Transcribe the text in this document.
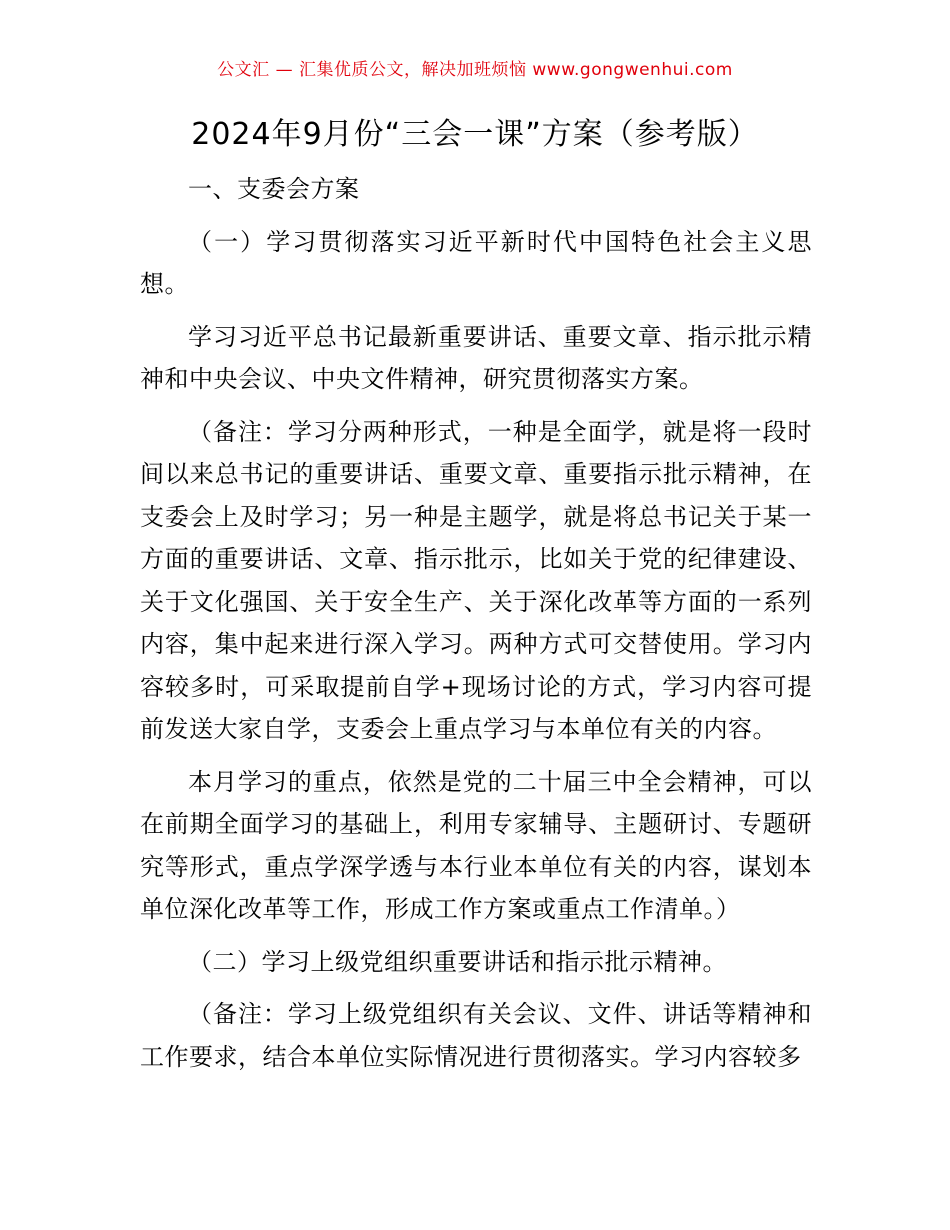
公文汇 — 汇集优质公文，解决加班烦恼 www.gongwenhui.com
2024年9月份“三会一课”方案（参考版）

一、支委会方案

（一）学习贯彻落实习近平新时代中国特色社会主义思想。

学习习近平总书记最新重要讲话、重要文章、指示批示精神和中央会议、中央文件精神，研究贯彻落实方案。

（备注：学习分两种形式，一种是全面学，就是将一段时间以来总书记的重要讲话、重要文章、重要指示批示精神，在支委会上及时学习；另一种是主题学，就是将总书记关于某一方面的重要讲话、文章、指示批示，比如关于党的纪律建设、关于文化强国、关于安全生产、关于深化改革等方面的一系列内容，集中起来进行深入学习。两种方式可交替使用。学习内容较多时，可采取提前自学+现场讨论的方式，学习内容可提前发送大家自学，支委会上重点学习与本单位有关的内容。

本月学习的重点，依然是党的二十届三中全会精神，可以在前期全面学习的基础上，利用专家辅导、主题研讨、专题研究等形式，重点学深学透与本行业本单位有关的内容，谋划本单位深化改革等工作，形成工作方案或重点工作清单。）

（二）学习上级党组织重要讲话和指示批示精神。

（备注：学习上级党组织有关会议、文件、讲话等精神和工作要求，结合本单位实际情况进行贯彻落实。学习内容较多
